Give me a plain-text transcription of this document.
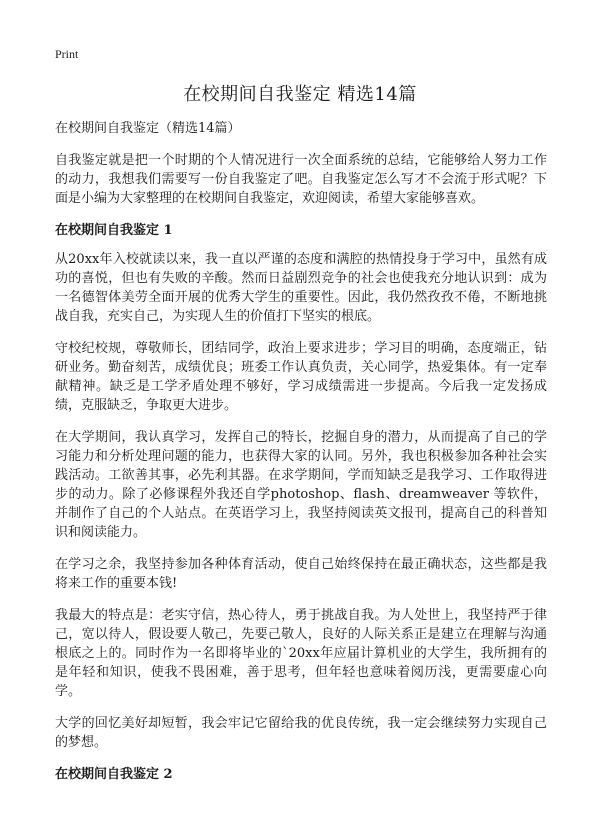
Print
在校期间自我鉴定 精选14篇

在校期间自我鉴定（精选14篇）

自我鉴定就是把一个时期的个人情况进行一次全面系统的总结，它能够给人努力工作的动力，我想我们需要写一份自我鉴定了吧。自我鉴定怎么写才不会流于形式呢？下面是小编为大家整理的在校期间自我鉴定，欢迎阅读，希望大家能够喜欢。

在校期间自我鉴定 1

从20xx年入校就读以来，我一直以严谨的态度和满腔的热情投身于学习中，虽然有成功的喜悦，但也有失败的辛酸。然而日益剧烈竞争的社会也使我充分地认识到：成为一名德智体美劳全面开展的优秀大学生的重要性。因此，我仍然孜孜不倦，不断地挑战自我，充实自己，为实现人生的价值打下坚实的根底。

守校纪校规，尊敬师长，团结同学，政治上要求进步；学习目的明确，态度端正，钻研业务。勤奋刻苦，成绩优良；班委工作认真负责，关心同学，热爱集体。有一定奉献精神。缺乏是工学矛盾处理不够好，学习成绩需进一步提高。今后我一定发扬成绩，克服缺乏，争取更大进步。

在大学期间，我认真学习，发挥自己的特长，挖掘自身的潜力，从而提高了自己的学习能力和分析处理问题的能力，也获得大家的认同。另外，我也积极参加各种社会实践活动。工欲善其事，必先利其器。在求学期间，学而知缺乏是我学习、工作取得进步的动力。除了必修课程外我还自学photoshop、flash、dreamweaver 等软件，并制作了自己的个人站点。在英语学习上，我坚持阅读英文报刊，提高自己的科普知识和阅读能力。

在学习之余，我坚持参加各种体育活动，使自己始终保持在最正确状态，这些都是我将来工作的重要本钱!

我最大的特点是：老实守信，热心待人，勇于挑战自我。为人处世上，我坚持严于律己，宽以待人，假设要人敬己，先要己敬人，良好的人际关系正是建立在理解与沟通根底之上的。同时作为一名即将毕业的`20xx年应届计算机业的大学生，我所拥有的是年轻和知识，使我不畏困难，善于思考，但年轻也意味着阅历浅，更需要虚心向学。

大学的回忆美好却短暂，我会牢记它留给我的优良传统，我一定会继续努力实现自己的梦想。

在校期间自我鉴定 2
